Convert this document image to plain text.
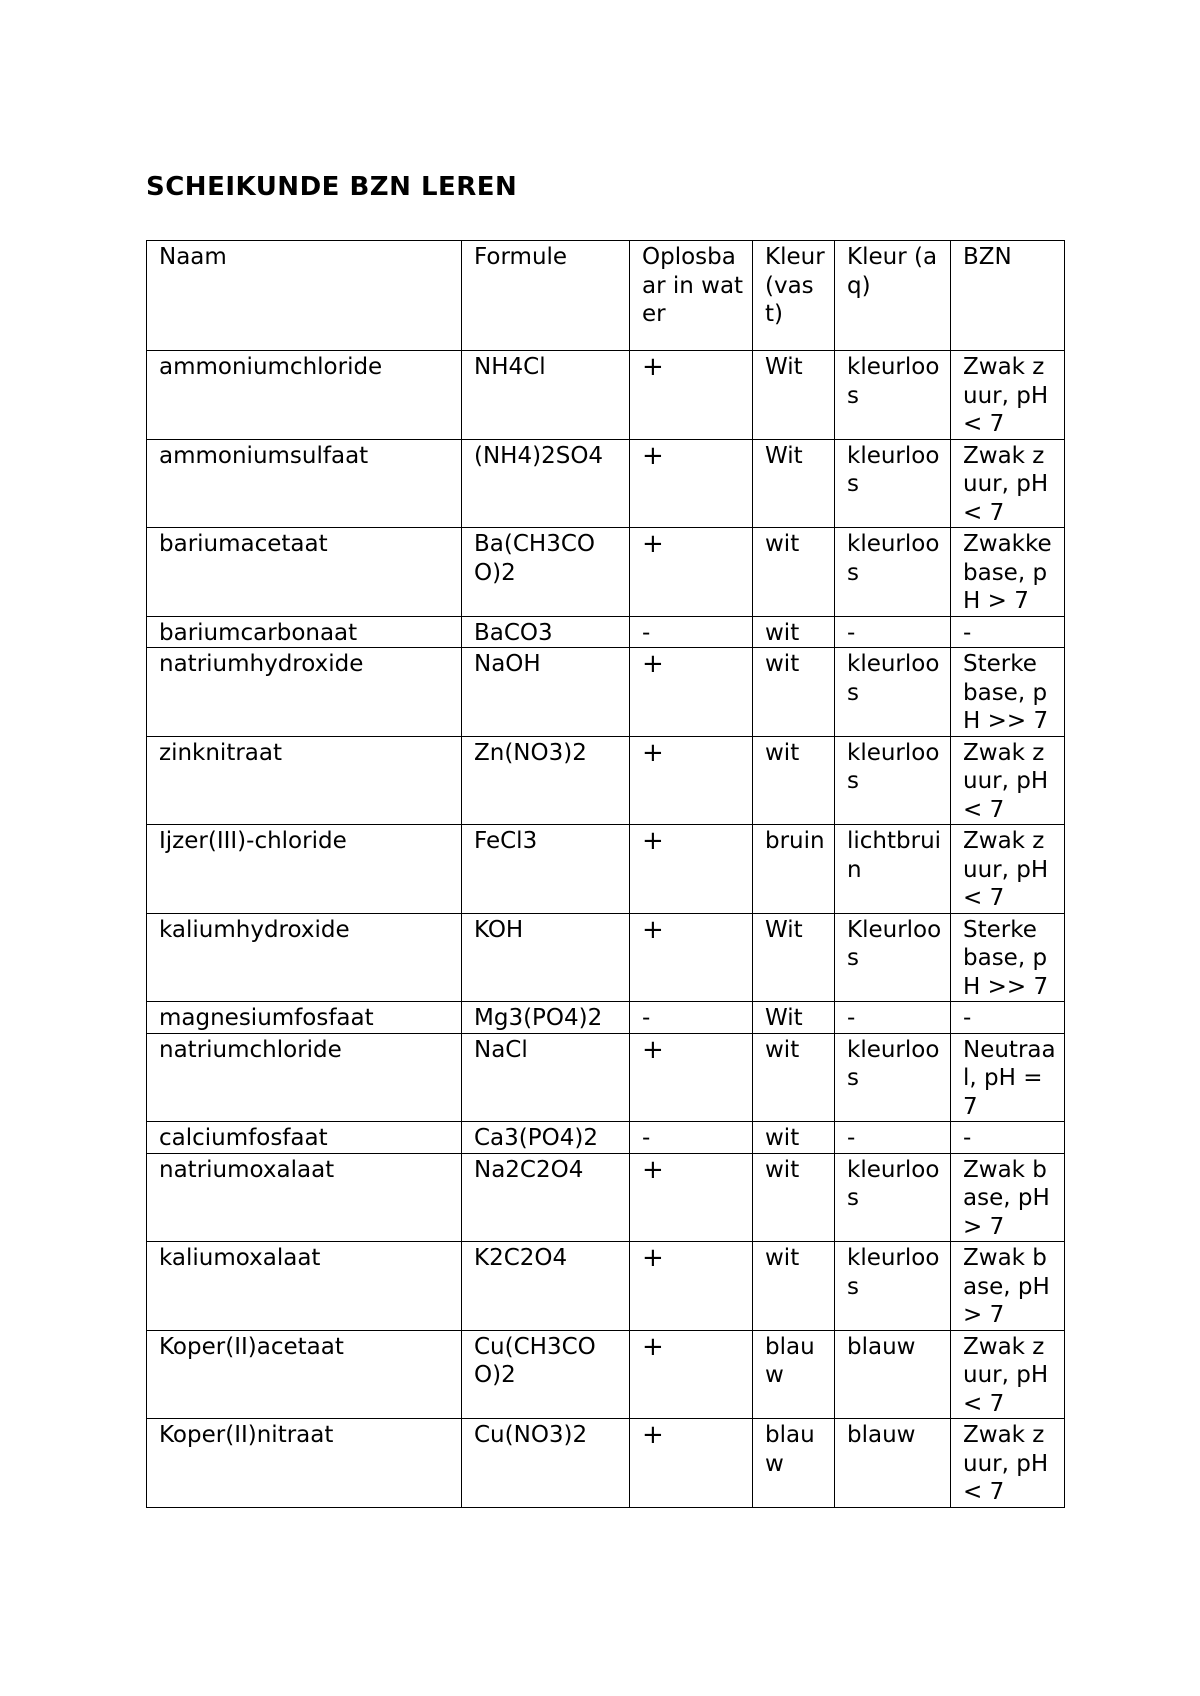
SCHEIKUNDE BZN LEREN
Naam	Formule	Oplosbaar in water	Kleur (vast)	Kleur (aq)	BZN
ammoniumchloride	NH4Cl	+	Wit	kleurloos	Zwak zuur, pH < 7
ammoniumsulfaat	(NH4)2SO4	+	Wit	kleurloos	Zwak zuur, pH < 7
bariumacetaat	Ba(CH3COO)2	+	wit	kleurloos	Zwakke base, pH > 7
bariumcarbonaat	BaCO3	-	wit	-	-
natriumhydroxide	NaOH	+	wit	kleurloos	Sterke base, pH >> 7
zinknitraat	Zn(NO3)2	+	wit	kleurloos	Zwak zuur, pH < 7
Ijzer(III)-chloride	FeCl3	+	bruin	lichtbruin	Zwak zuur, pH < 7
kaliumhydroxide	KOH	+	Wit	Kleurloos	Sterke base, pH >> 7
magnesiumfosfaat	Mg3(PO4)2	-	Wit	-	-
natriumchloride	NaCl	+	wit	kleurloos	Neutraal, pH = 7
calciumfosfaat	Ca3(PO4)2	-	wit	-	-
natriumoxalaat	Na2C2O4	+	wit	kleurloos	Zwak base, pH > 7
kaliumoxalaat	K2C2O4	+	wit	kleurloos	Zwak base, pH > 7
Koper(II)acetaat	Cu(CH3COO)2	+	blauw	blauw	Zwak zuur, pH < 7
Koper(II)nitraat	Cu(NO3)2	+	blauw	blauw	Zwak zuur, pH < 7
